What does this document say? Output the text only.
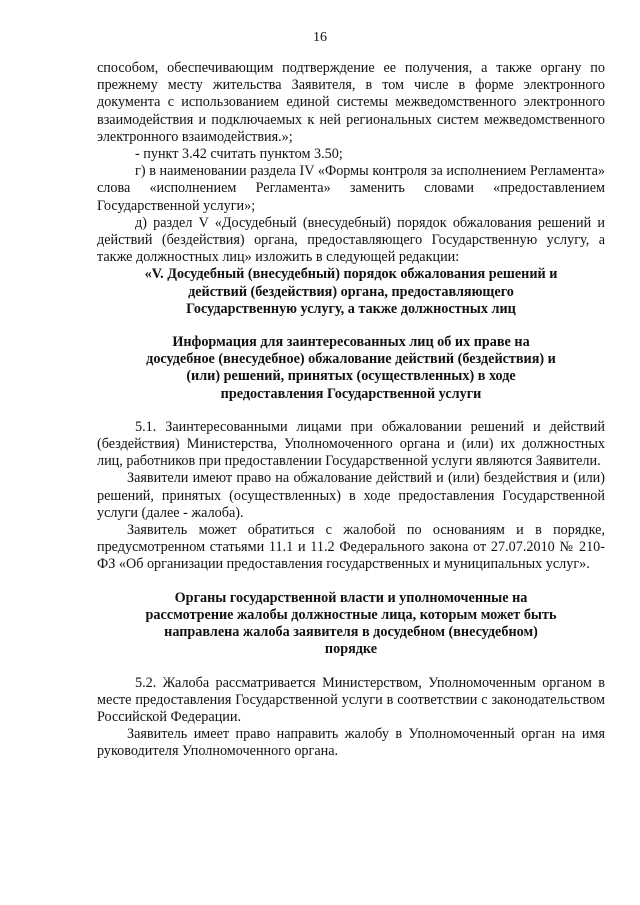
16

способом, обеспечивающим подтверждение ее получения, а также органу по прежнему месту жительства Заявителя, в том числе в форме электронного документа с использованием единой системы межведомственного электронного взаимодействия и подключаемых к ней региональных систем межведомственного электронного взаимодействия.»;

- пункт 3.42 считать пунктом 3.50;

г) в наименовании раздела IV «Формы контроля за исполнением Регламента» слова «исполнением Регламента» заменить словами «предоставлением Государственной услуги»;

д) раздел V «Досудебный (внесудебный) порядок обжалования решений и действий (бездействия) органа, предоставляющего Государственную услугу, а также должностных лиц» изложить в следующей редакции:

«V. Досудебный (внесудебный) порядок обжалования решений и действий (бездействия) органа, предоставляющего Государственную услугу, а также должностных лиц

Информация для заинтересованных лиц об их праве на досудебное (внесудебное) обжалование действий (бездействия) и (или) решений, принятых (осуществленных) в ходе предоставления Государственной услуги

5.1. Заинтересованными лицами при обжаловании решений и действий (бездействия) Министерства, Уполномоченного органа и (или) их должностных лиц, работников при предоставлении Государственной услуги являются Заявители.

Заявители имеют право на обжалование действий и (или) бездействия и (или) решений, принятых (осуществленных) в ходе предоставления Государственной услуги (далее - жалоба).

Заявитель может обратиться с жалобой по основаниям и в порядке, предусмотренном статьями 11.1 и 11.2 Федерального закона от 27.07.2010 № 210-ФЗ «Об организации предоставления государственных и муниципальных услуг».

Органы государственной власти и уполномоченные на рассмотрение жалобы должностные лица, которым может быть направлена жалоба заявителя в досудебном (внесудебном) порядке

5.2. Жалоба рассматривается Министерством, Уполномоченным органом в месте предоставления Государственной услуги в соответствии с законодательством Российской Федерации.

Заявитель имеет право направить жалобу в Уполномоченный орган на имя руководителя Уполномоченного органа.
